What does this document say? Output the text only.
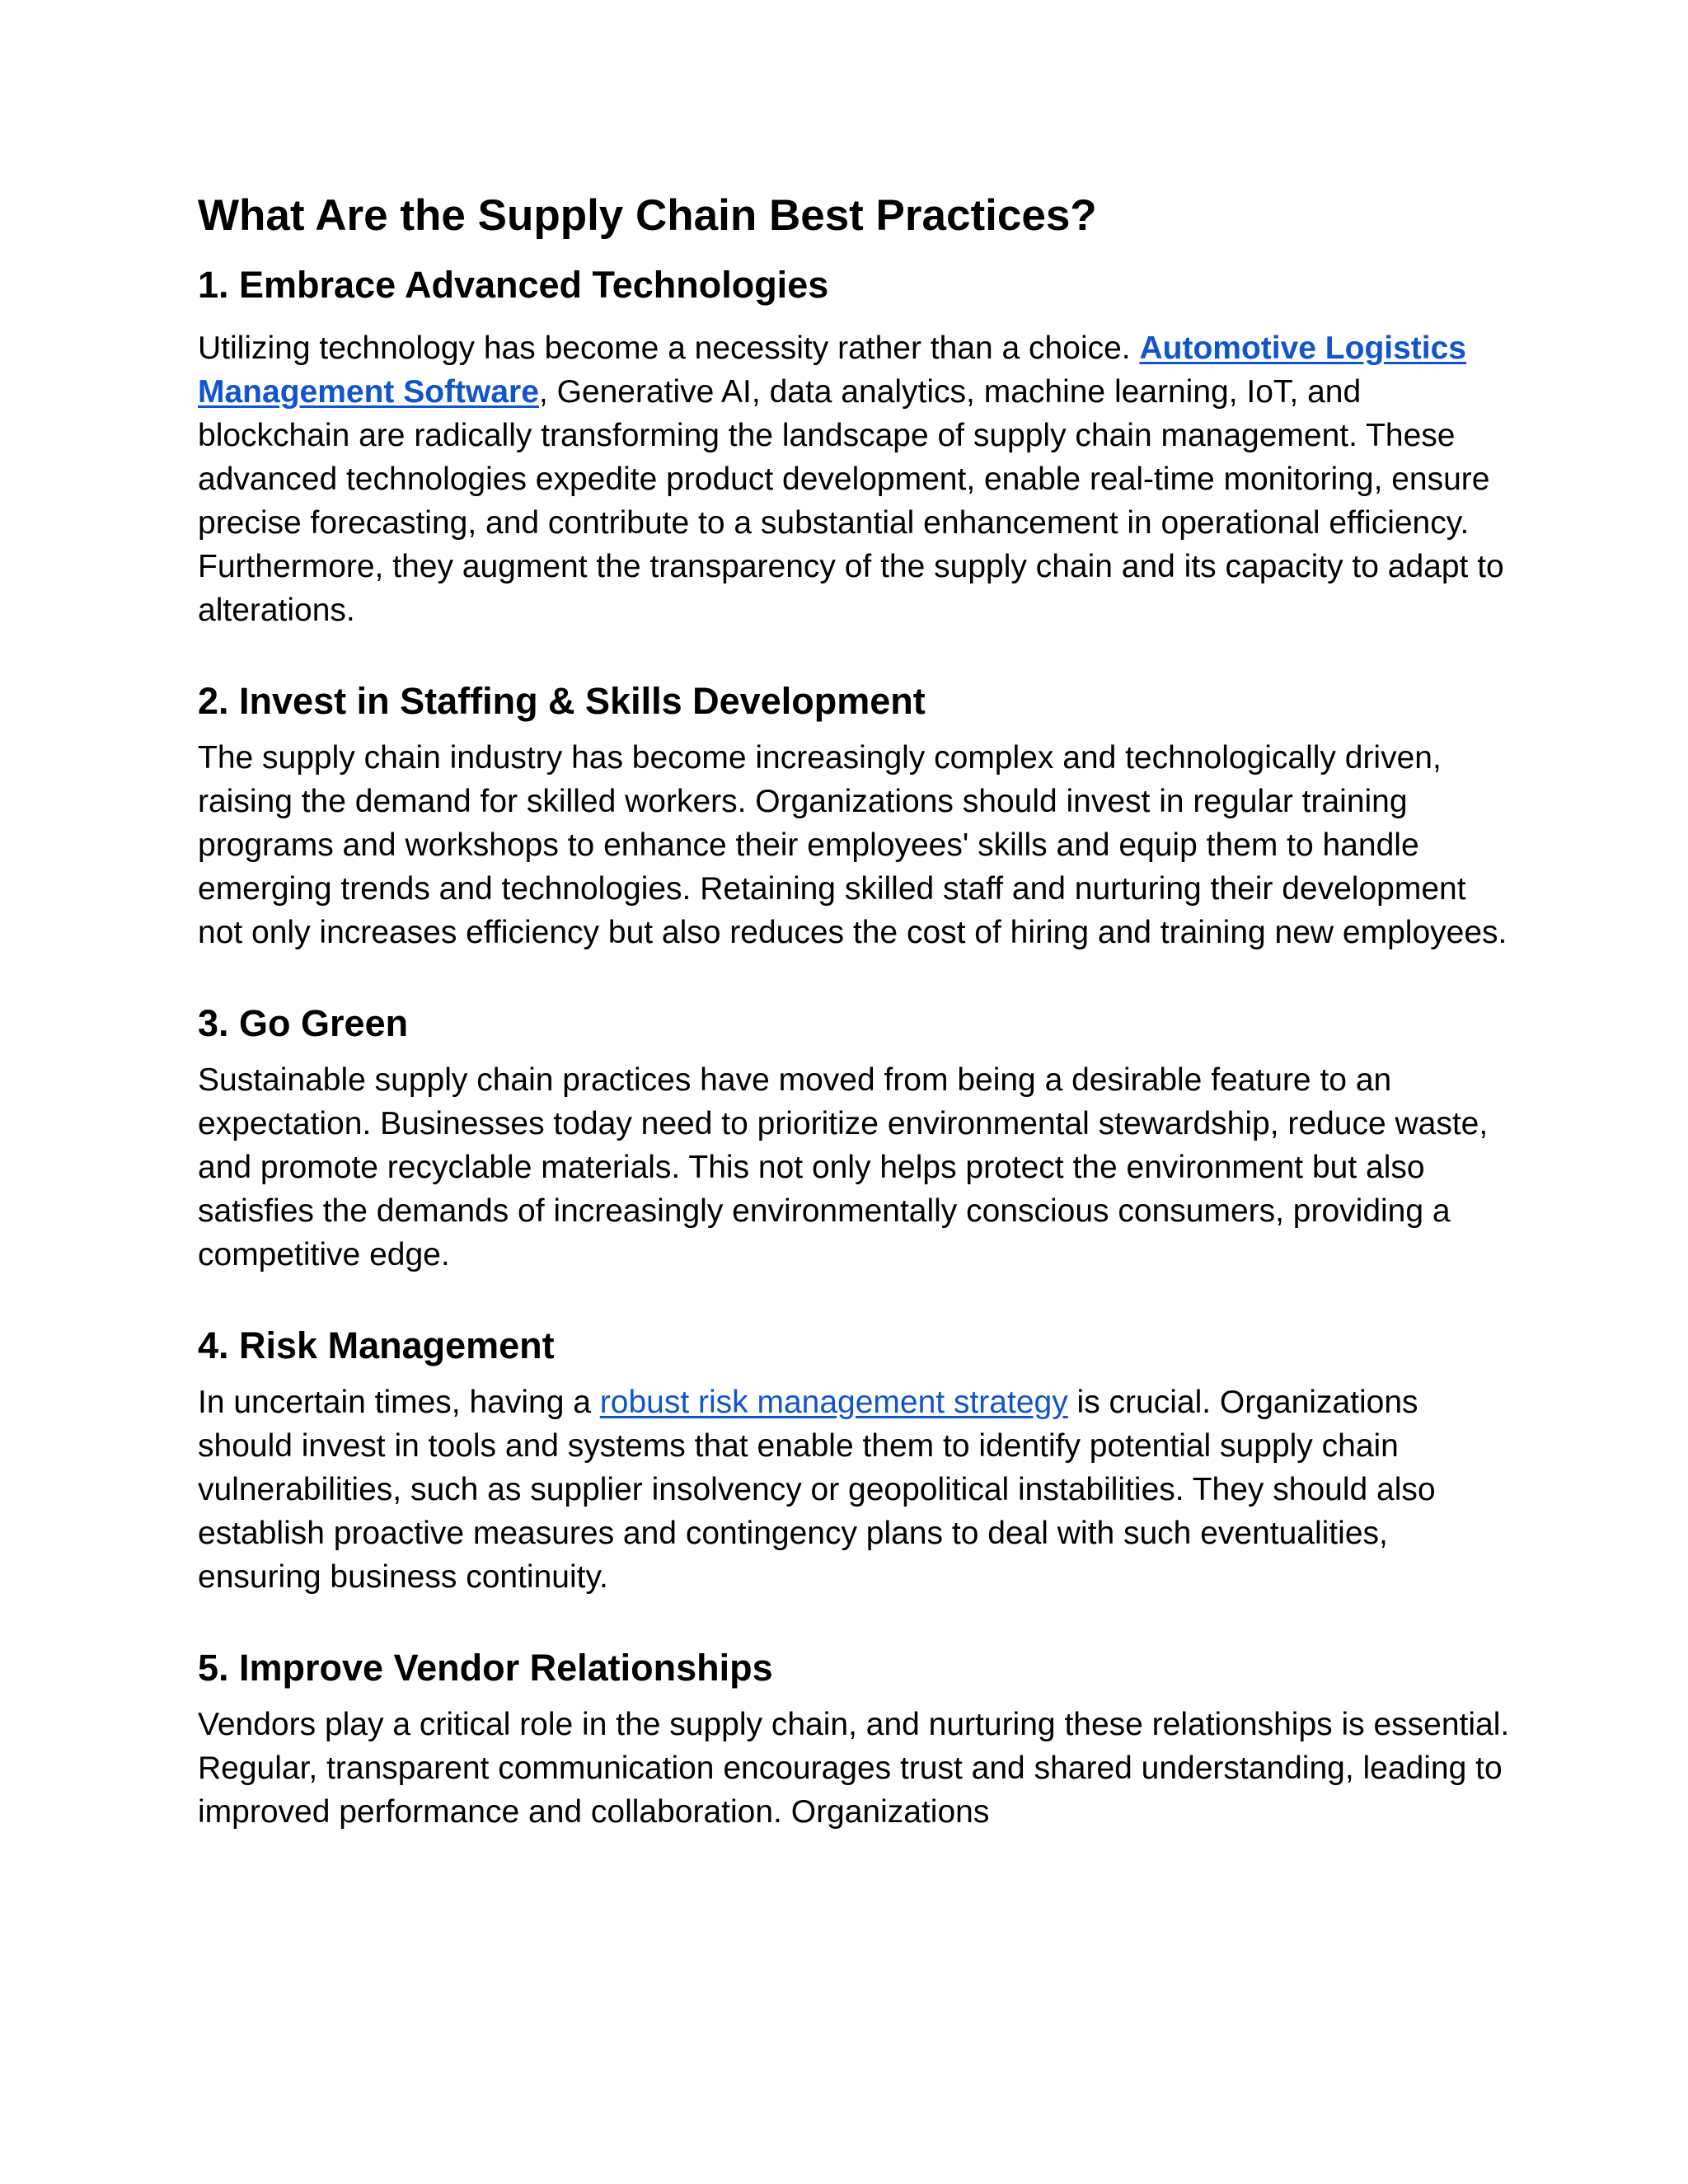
What Are the Supply Chain Best Practices?
1. Embrace Advanced Technologies

Utilizing technology has become a necessity rather than a choice. Automotive Logistics Management Software, Generative AI, data analytics, machine learning, IoT, and blockchain are radically transforming the landscape of supply chain management. These advanced technologies expedite product development, enable real-time monitoring, ensure precise forecasting, and contribute to a substantial enhancement in operational efficiency. Furthermore, they augment the transparency of the supply chain and its capacity to adapt to alterations.

2. Invest in Staffing & Skills Development

The supply chain industry has become increasingly complex and technologically driven, raising the demand for skilled workers. Organizations should invest in regular training programs and workshops to enhance their employees' skills and equip them to handle emerging trends and technologies. Retaining skilled staff and nurturing their development not only increases efficiency but also reduces the cost of hiring and training new employees.

3. Go Green

Sustainable supply chain practices have moved from being a desirable feature to an expectation. Businesses today need to prioritize environmental stewardship, reduce waste, and promote recyclable materials. This not only helps protect the environment but also satisfies the demands of increasingly environmentally conscious consumers, providing a competitive edge.

4. Risk Management

In uncertain times, having a robust risk management strategy is crucial. Organizations should invest in tools and systems that enable them to identify potential supply chain vulnerabilities, such as supplier insolvency or geopolitical instabilities. They should also establish proactive measures and contingency plans to deal with such eventualities, ensuring business continuity.

5. Improve Vendor Relationships

Vendors play a critical role in the supply chain, and nurturing these relationships is essential. Regular, transparent communication encourages trust and shared understanding, leading to improved performance and collaboration. Organizations
